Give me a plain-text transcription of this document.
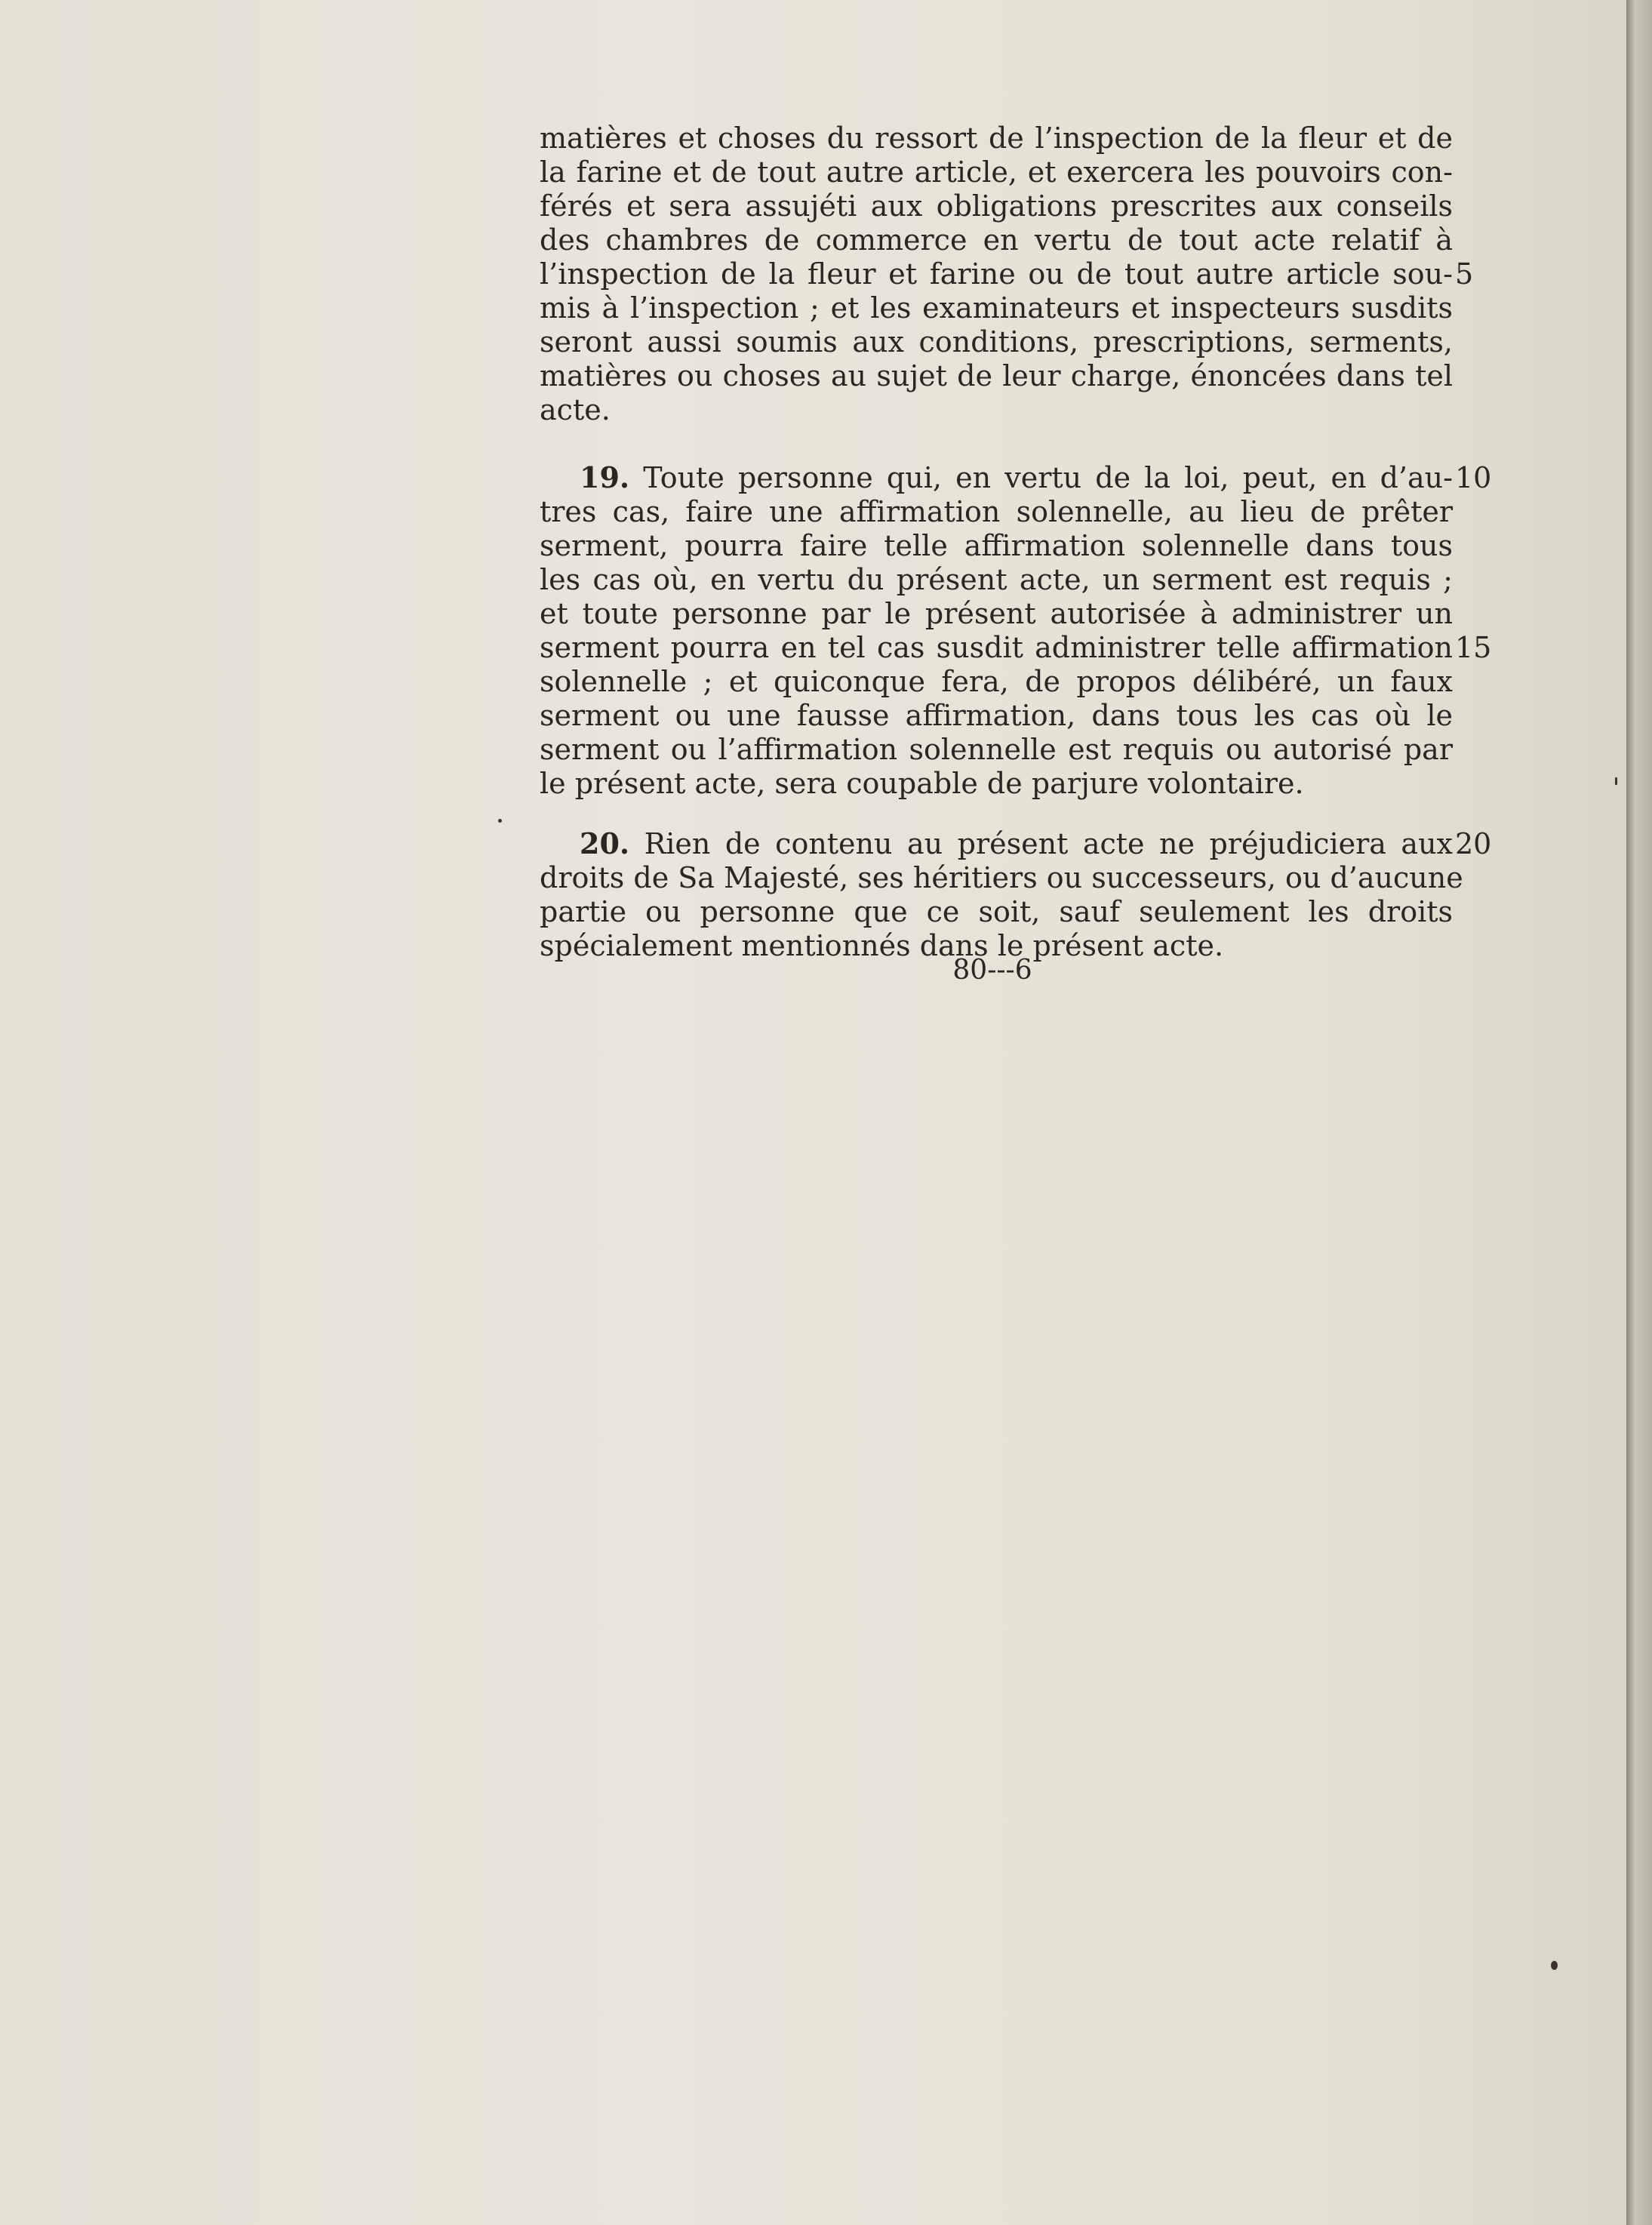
matières et choses du ressort de l’inspection de la fleur et de
la farine et de tout autre article, et exercera les pouvoirs con-
férés et sera assujéti aux obligations prescrites aux conseils
des chambres de commerce en vertu de tout acte relatif à
l’inspection de la fleur et farine ou de tout autre article sou-
mis à l’inspection ; et les examinateurs et inspecteurs susdits
seront aussi soumis aux conditions, prescriptions, serments,
matières ou choses au sujet de leur charge, énoncées dans tel
acte.
19. Toute personne qui, en vertu de la loi, peut, en d’au-
tres cas, faire une affirmation solennelle, au lieu de prêter
serment, pourra faire telle affirmation solennelle dans tous
les cas où, en vertu du présent acte, un serment est requis ;
et toute personne par le présent autorisée à administrer un
serment pourra en tel cas susdit administrer telle affirmation
solennelle ; et quiconque fera, de propos délibéré, un faux
serment ou une fausse affirmation, dans tous les cas où le
serment ou l’affirmation solennelle est requis ou autorisé par
le présent acte, sera coupable de parjure volontaire.
20. Rien de contenu au présent acte ne préjudiciera aux
droits de Sa Majesté, ses héritiers ou successeurs, ou d’aucune
partie ou personne que ce soit, sauf seulement les droits
spécialement mentionnés dans le présent acte.
80---6
5
10
15
20
